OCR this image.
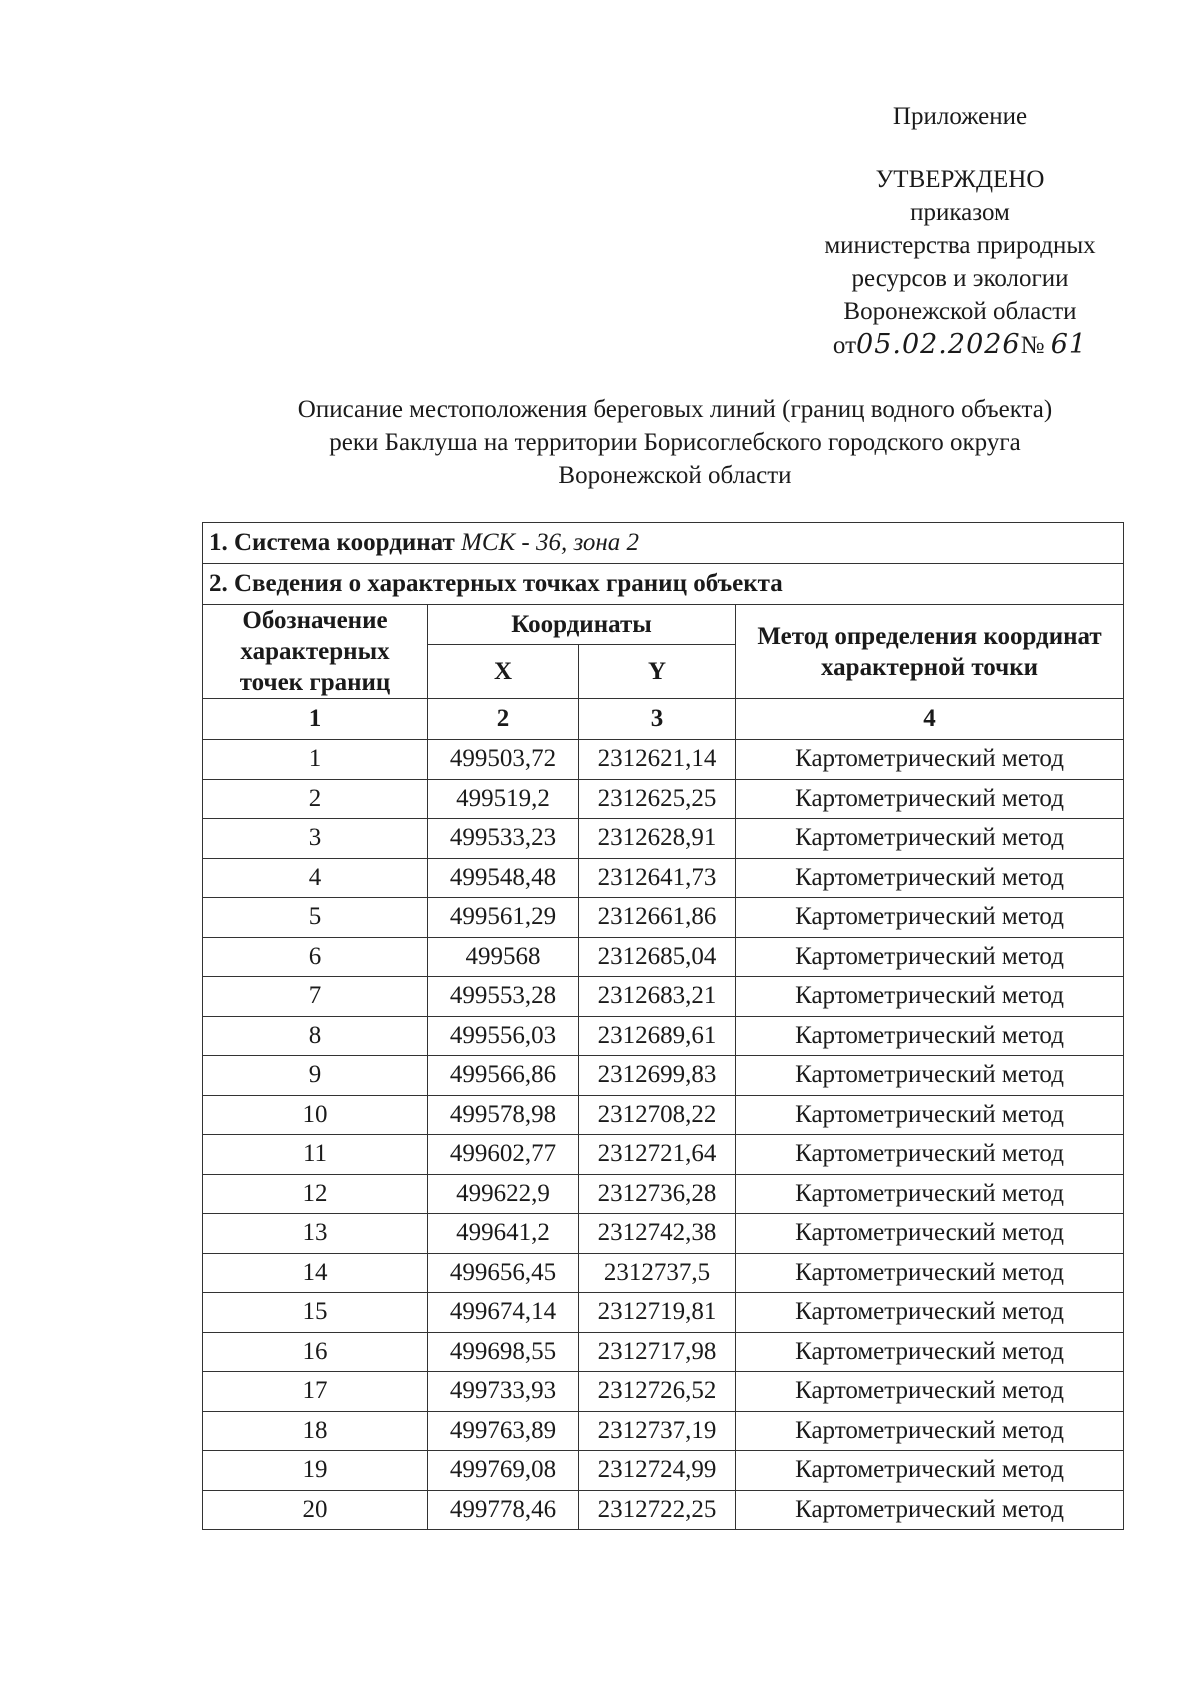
Приложение
УТВЕРЖДЕНО
приказом
министерства природных
ресурсов и экологии
Воронежской области
от05.02.2026№ 61
Описание местоположения береговых линий (границ водного объекта)
реки Баклуша на территории Борисоглебского городского округа
Воронежской области
1. Система координат МСК - 36, зона 2			
2. Сведения о характерных точках границ объекта			
Обозначение характерных точек границ	Координаты		Метод определения координат характерной точки
	X	Y	
1	2	3	4
1	499503,72	2312621,14	Картометрический метод
2	499519,2	2312625,25	Картометрический метод
3	499533,23	2312628,91	Картометрический метод
4	499548,48	2312641,73	Картометрический метод
5	499561,29	2312661,86	Картометрический метод
6	499568	2312685,04	Картометрический метод
7	499553,28	2312683,21	Картометрический метод
8	499556,03	2312689,61	Картометрический метод
9	499566,86	2312699,83	Картометрический метод
10	499578,98	2312708,22	Картометрический метод
11	499602,77	2312721,64	Картометрический метод
12	499622,9	2312736,28	Картометрический метод
13	499641,2	2312742,38	Картометрический метод
14	499656,45	2312737,5	Картометрический метод
15	499674,14	2312719,81	Картометрический метод
16	499698,55	2312717,98	Картометрический метод
17	499733,93	2312726,52	Картометрический метод
18	499763,89	2312737,19	Картометрический метод
19	499769,08	2312724,99	Картометрический метод
20	499778,46	2312722,25	Картометрический метод
